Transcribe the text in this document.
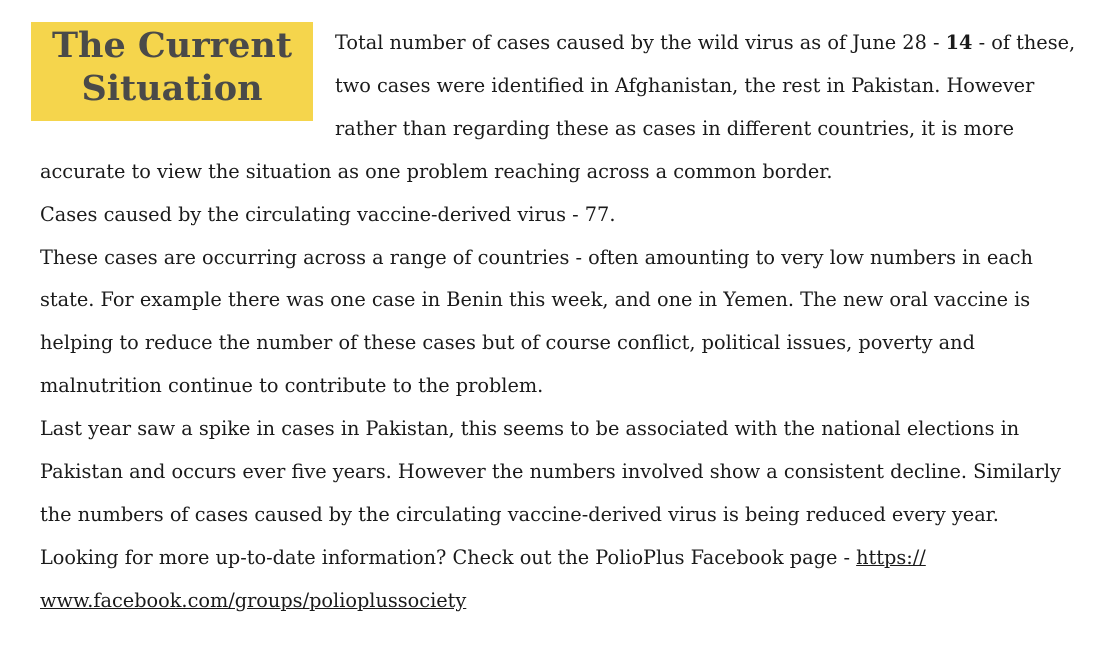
The Current
Situation

Total number of cases caused by the wild virus as of June 28 - 14 - of these, two cases were identified in Afghanistan, the rest in Pakistan. However rather than regarding these as cases in different countries, it is more accurate to view the situation as one problem reaching across a common border.

Cases caused by the circulating vaccine-derived virus - 77.

These cases are occurring across a range of countries - often amounting to very low numbers in each state. For example there was one case in Benin this week, and one in Yemen. The new oral vaccine is helping to reduce the number of these cases but of course conflict, political issues, poverty and malnutrition continue to contribute to the problem.

Last year saw a spike in cases in Pakistan, this seems to be associated with the national elections in Pakistan and occurs ever five years. However the numbers involved show a consistent decline. Similarly the numbers of cases caused by the circulating vaccine-derived virus is being reduced every year.

Looking for more up-to-date information? Check out the PolioPlus Facebook page - https:// www.facebook.com/groups/polioplussociety
